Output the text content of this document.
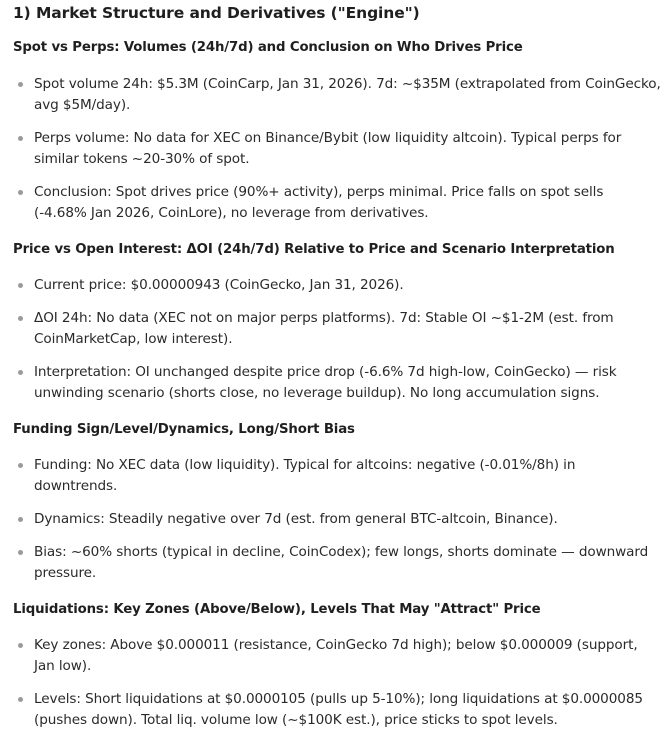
1) Market Structure and Derivatives ("Engine")
Spot vs Perps: Volumes (24h/7d) and Conclusion on Who Drives Price
Spot volume 24h: $5.3M (CoinCarp, Jan 31, 2026). 7d: ~$35M (extrapolated from CoinGecko,
avg $5M/day).
Perps volume: No data for XEC on Binance/Bybit (low liquidity altcoin). Typical perps for
similar tokens ~20-30% of spot.
Conclusion: Spot drives price (90%+ activity), perps minimal. Price falls on spot sells
(-4.68% Jan 2026, CoinLore), no leverage from derivatives.
Price vs Open Interest: ΔOI (24h/7d) Relative to Price and Scenario Interpretation
Current price: $0.00000943 (CoinGecko, Jan 31, 2026).
ΔOI 24h: No data (XEC not on major perps platforms). 7d: Stable OI ~$1-2M (est. from
CoinMarketCap, low interest).
Interpretation: OI unchanged despite price drop (-6.6% 7d high-low, CoinGecko) — risk
unwinding scenario (shorts close, no leverage buildup). No long accumulation signs.
Funding Sign/Level/Dynamics, Long/Short Bias
Funding: No XEC data (low liquidity). Typical for altcoins: negative (-0.01%/8h) in
downtrends.
Dynamics: Steadily negative over 7d (est. from general BTC-altcoin, Binance).
Bias: ~60% shorts (typical in decline, CoinCodex); few longs, shorts dominate — downward
pressure.
Liquidations: Key Zones (Above/Below), Levels That May "Attract" Price
Key zones: Above $0.000011 (resistance, CoinGecko 7d high); below $0.000009 (support,
Jan low).
Levels: Short liquidations at $0.0000105 (pulls up 5-10%); long liquidations at $0.0000085
(pushes down). Total liq. volume low (~$100K est.), price sticks to spot levels.
